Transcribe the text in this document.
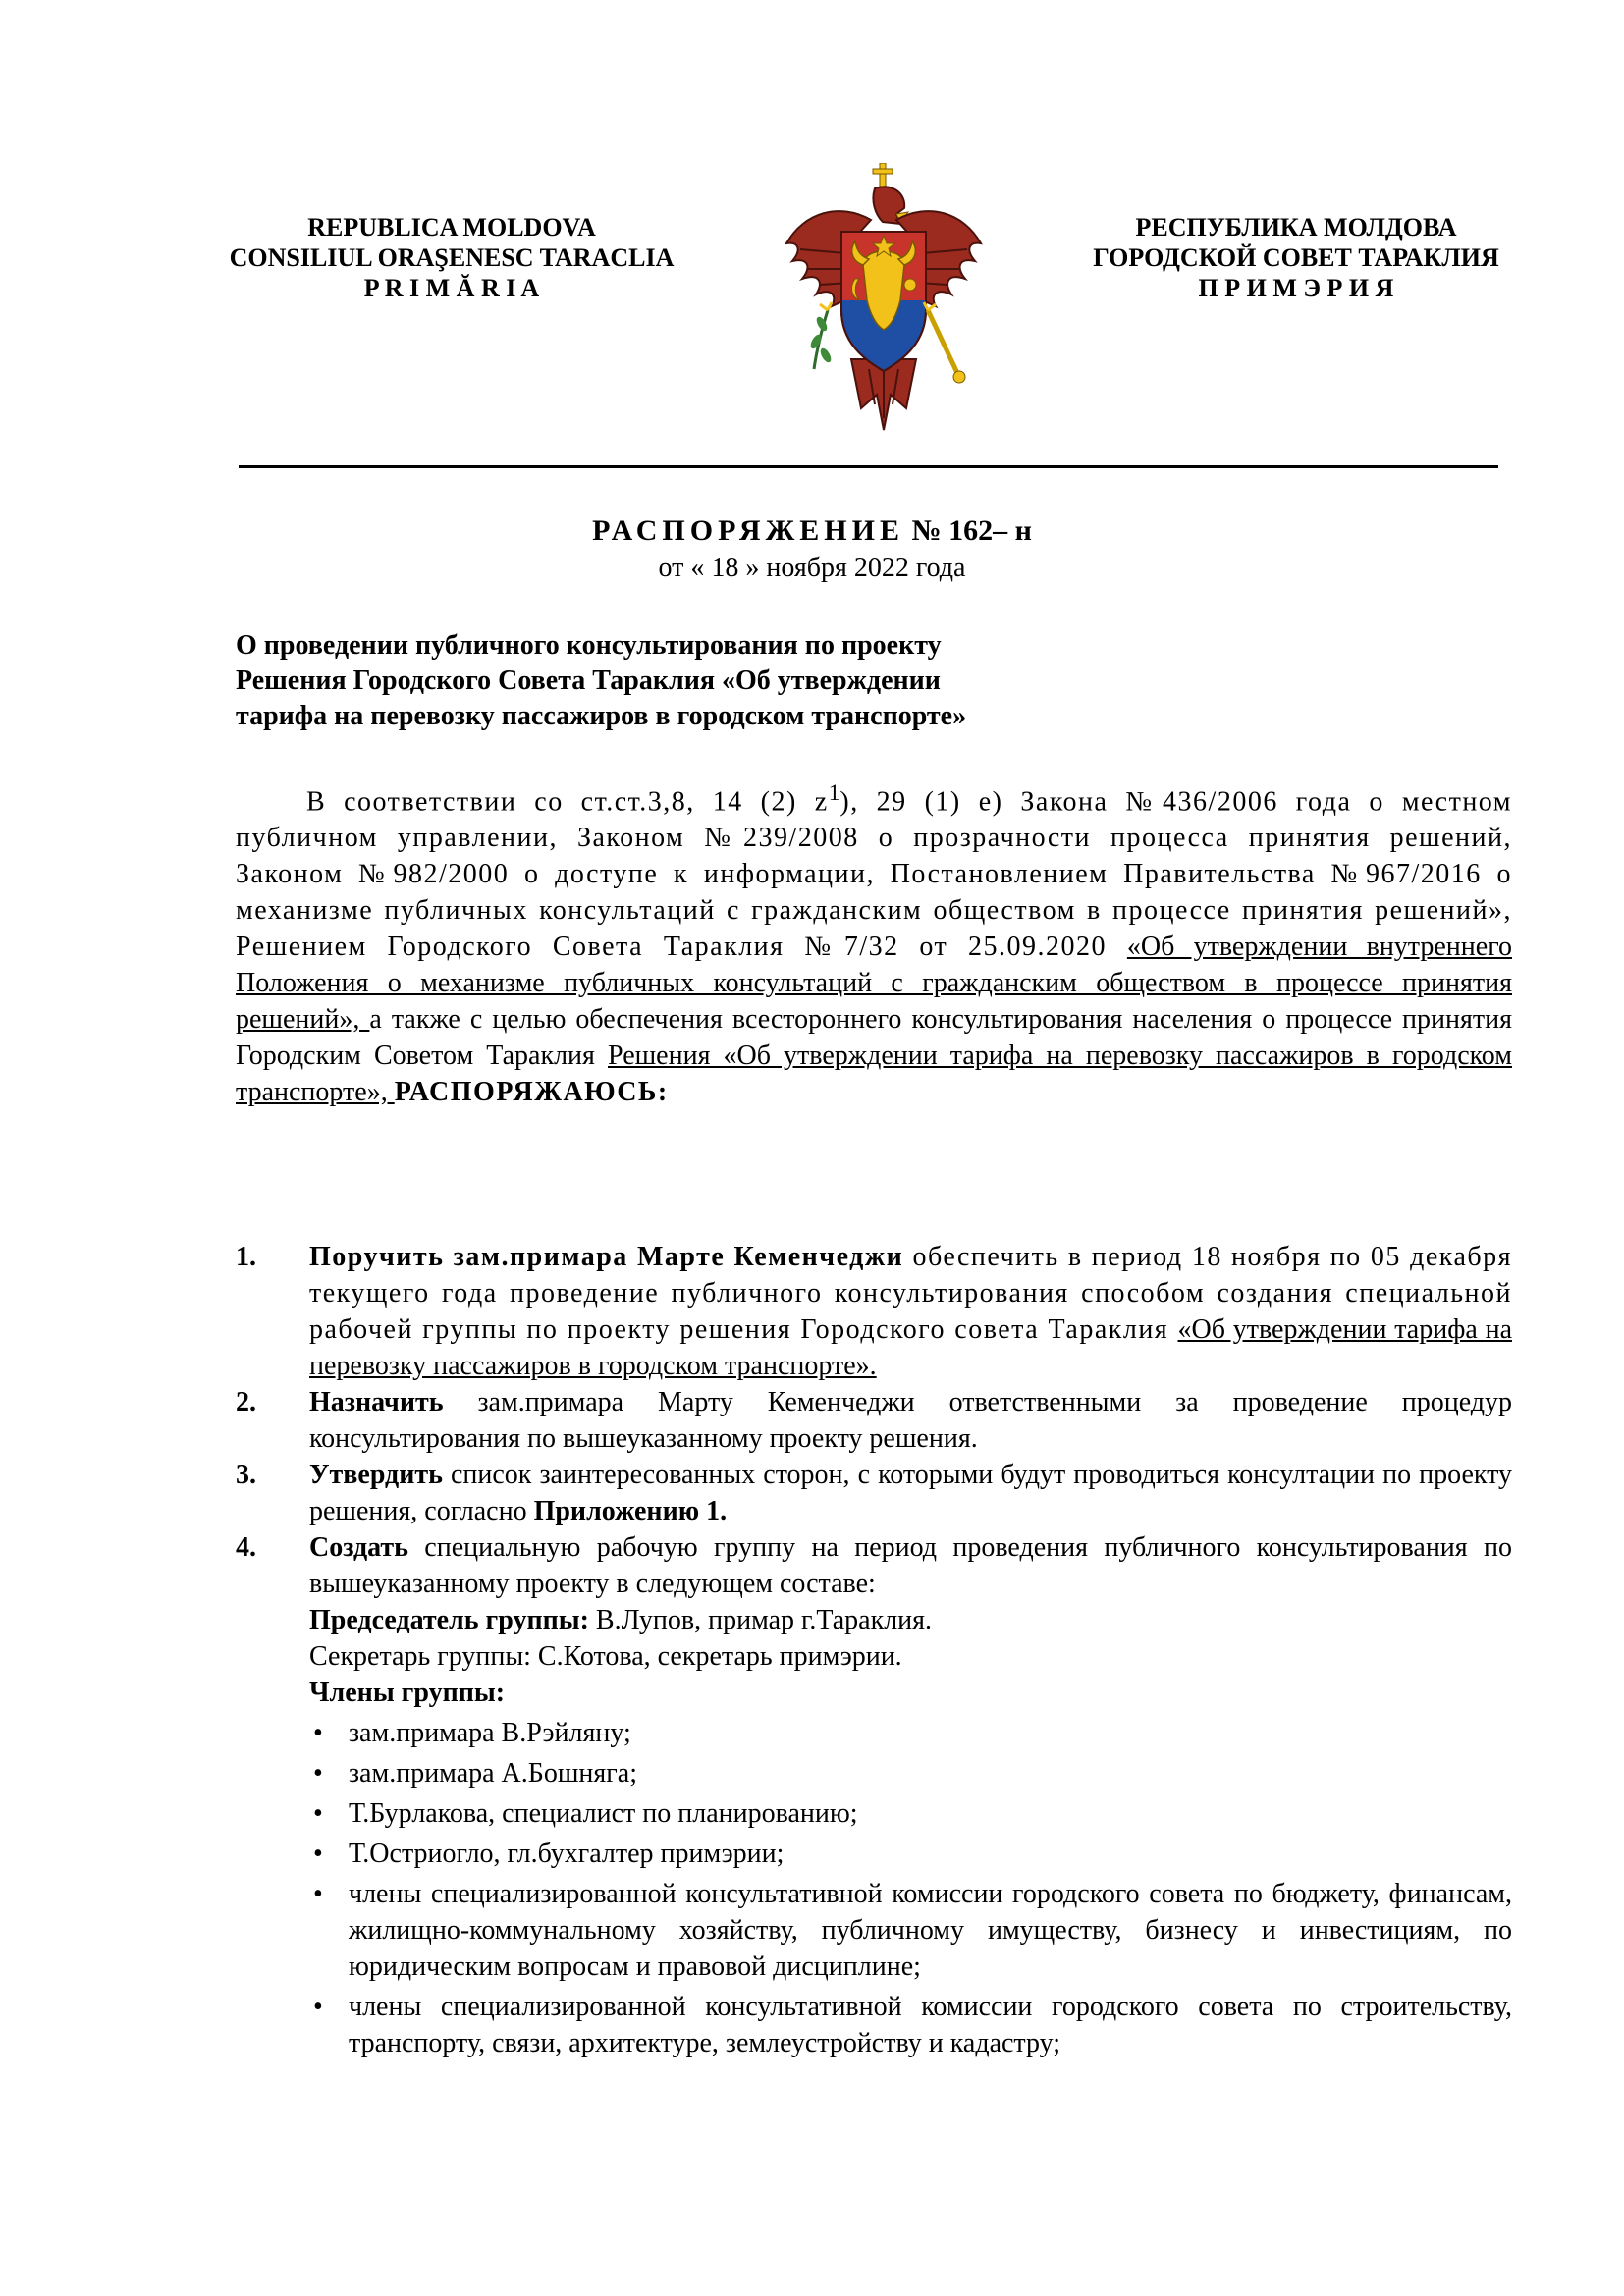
REPUBLICA MOLDOVA
CONSILIUL ORAŞENESC TARACLIA
P R I M Ă R I A
РЕСПУБЛИКА МОЛДОВА
ГОРОДСКОЙ СОВЕТ ТАРАКЛИЯ
П Р И М Э Р И Я
РАСПОРЯЖЕНИЕ № 162– н
от « 18 » ноября 2022 года
О проведении публичного консультирования по проекту
Решения Городского Совета Тараклия «Об утверждении
тарифа на перевозку пассажиров в городском транспорте»
В соответствии со ст.ст.3,8, 14 (2) $z^1$), 29 (1) е) Закона №436/2006 года о местном публичном управлении, Законом №239/2008 о прозрачности процесса принятия решений, Законом №982/2000 о доступе к информации, Постановлением Правительства №967/2016 о механизме публичных консультаций с гражданским обществом в процессе принятия решений», Решением Городского Совета Тараклия №7/32 от 25.09.2020 «Об утверждении внутреннего Положения о механизме публичных консультаций с гражданским обществом в процессе принятия решений», а также с целью обеспечения всестороннего консультирования населения о процессе принятия Городским Советом Тараклия Решения «Об утверждении тарифа на перевозку пассажиров в городском транспорте», РАСПОРЯЖАЮСЬ:
1. Поручить зам.примара Марте Кеменчеджи обеспечить в период 18 ноября по 05 декабря текущего года проведение публичного консультирования способом создания специальной рабочей группы по проекту решения Городского совета Тараклия «Об утверждении тарифа на перевозку пассажиров в городском транспорте».
2. Назначить зам.примара Марту Кеменчеджи ответственными за проведение процедур консультирования по вышеуказанному проекту решения.
3. Утвердить список заинтересованных сторон, с которыми будут проводиться консултации по проекту решения, согласно Приложению 1.
4. Создать специальную рабочую группу на период проведения публичного консультирования по вышеуказанному проекту в следующем составе:
Председатель группы: В.Лупов, примар г.Тараклия.
Секретарь группы: С.Котова, секретарь примэрии.
Члены группы:
• зам.примара В.Рэйляну;
• зам.примара А.Бошняга;
• Т.Бурлакова, специалист по планированию;
• Т.Остриогло, гл.бухгалтер примэрии;
• члены специализированной консультативной комиссии городского совета по бюджету, финансам, жилищно-коммунальному хозяйству, публичному имуществу, бизнесу и инвестициям, по юридическим вопросам и правовой дисциплине;
• члены специализированной консультативной комиссии городского совета по строительству, транспорту, связи, архитектуре, землеустройству и кадастру;
